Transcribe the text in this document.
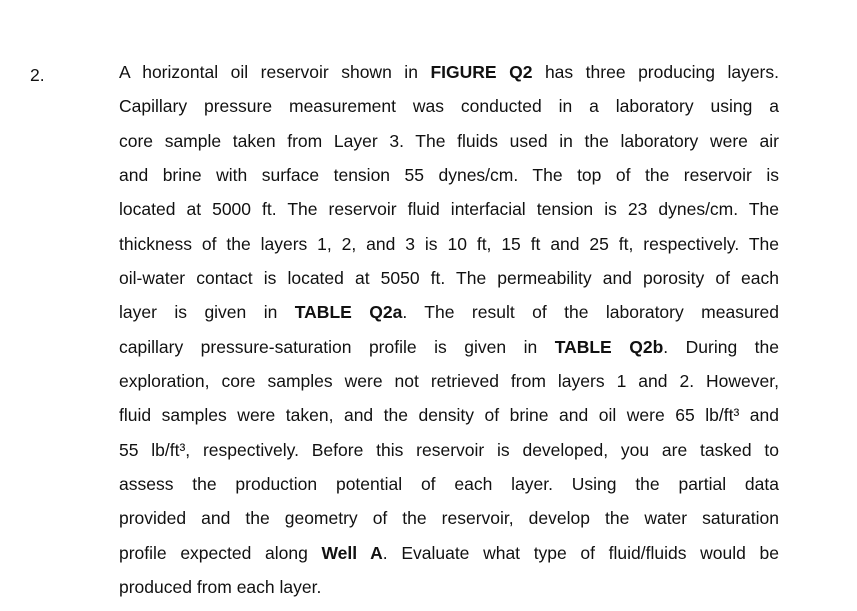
2.	A horizontal oil reservoir shown in FIGURE Q2 has three producing layers.
Capillary pressure measurement was conducted in a laboratory using a
core sample taken from Layer 3. The fluids used in the laboratory were air
and brine with surface tension 55 dynes/cm. The top of the reservoir is
located at 5000 ft. The reservoir fluid interfacial tension is 23 dynes/cm. The
thickness of the layers 1, 2, and 3 is 10 ft, 15 ft and 25 ft, respectively. The
oil-water contact is located at 5050 ft. The permeability and porosity of each
layer is given in TABLE Q2a. The result of the laboratory measured
capillary pressure-saturation profile is given in TABLE Q2b. During the
exploration, core samples were not retrieved from layers 1 and 2. However,
fluid samples were taken, and the density of brine and oil were 65 lb/ft³ and
55 lb/ft³, respectively. Before this reservoir is developed, you are tasked to
assess the production potential of each layer. Using the partial data
provided and the geometry of the reservoir, develop the water saturation
profile expected along Well A. Evaluate what type of fluid/fluids would be
produced from each layer.
